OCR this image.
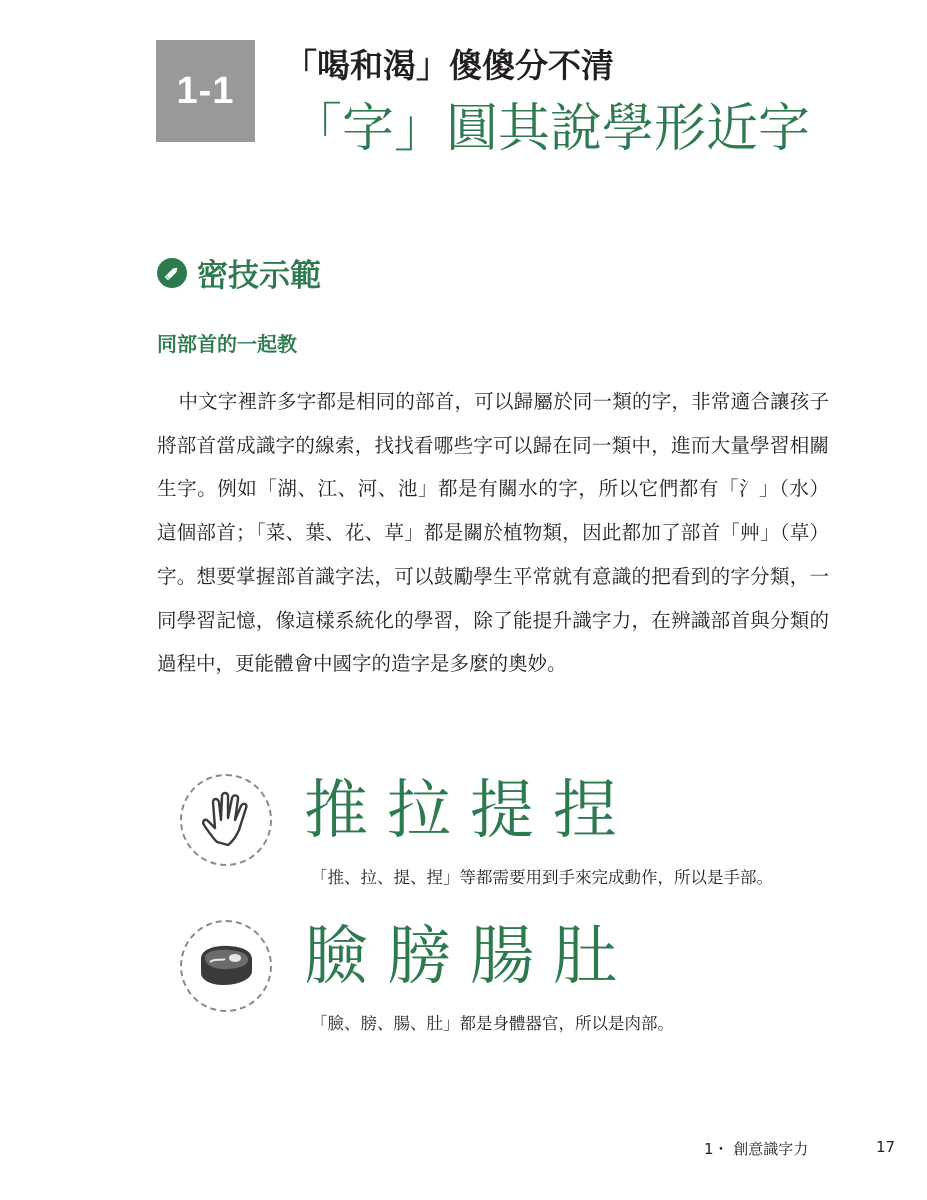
1-1
「喝和渴」傻傻分不清
「字」圓其說學形近字
密技示範
同部首的一起教

中文字裡許多字都是相同的部首，可以歸屬於同一類的字，非常適合讓孩子將部首當成識字的線索，找找看哪些字可以歸在同一類中，進而大量學習相關生字。例如「湖、江、河、池」都是有關水的字，所以它們都有「氵」（水）這個部首；「菜、葉、花、草」都是關於植物類，因此都加了部首「艸」（草）字。想要掌握部首識字法，可以鼓勵學生平常就有意識的把看到的字分類，一同學習記憶，像這樣系統化的學習，除了能提升識字力，在辨識部首與分類的過程中，更能體會中國字的造字是多麼的奧妙。

推 拉 提 捏
「推、拉、提、捏」等都需要用到手來完成動作，所以是手部。
臉 膀 腸 肚
「臉、膀、腸、肚」都是身體器官，所以是肉部。
1・ 創意識字力	17
